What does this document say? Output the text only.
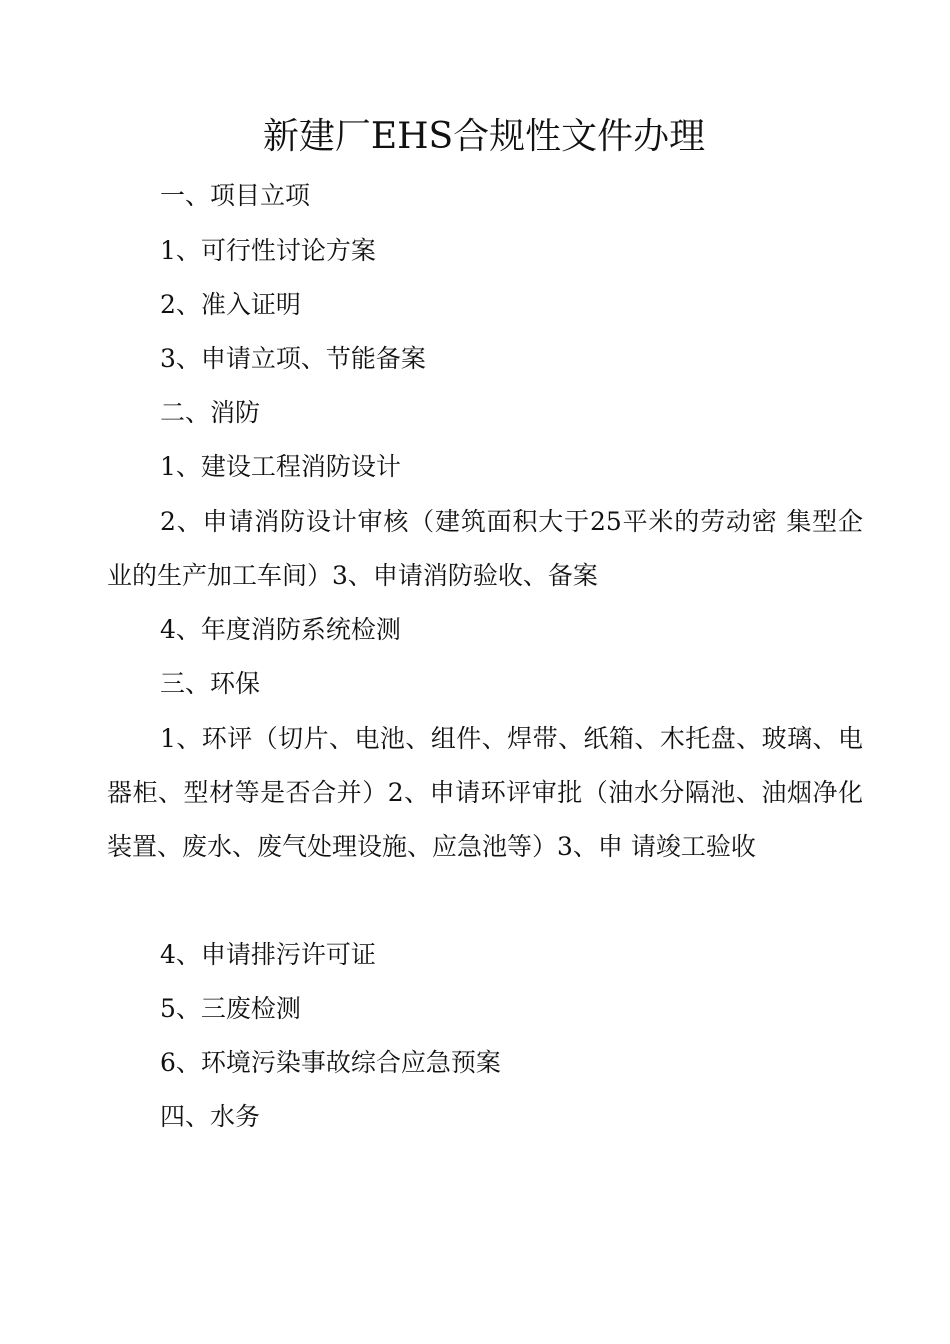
新建厂EHS合规性文件办理
一、项目立项
1、可行性讨论方案
2、准入证明
3、申请立项、节能备案
二、消防
1、建设工程消防设计
2、申请消防设计审核（建筑面积大于25平米的劳动密 集型企业的生产加工车间）3、申请消防验收、备案
4、年度消防系统检测
三、环保
1、环评（切片、电池、组件、焊带、纸箱、木托盘、玻璃、电器柜、型材等是否合并）2、申请环评审批（油水分隔池、油烟净化装置、废水、废气处理设施、应急池等）3、申 请竣工验收
4、申请排污许可证
5、三废检测
6、环境污染事故综合应急预案
四、水务
